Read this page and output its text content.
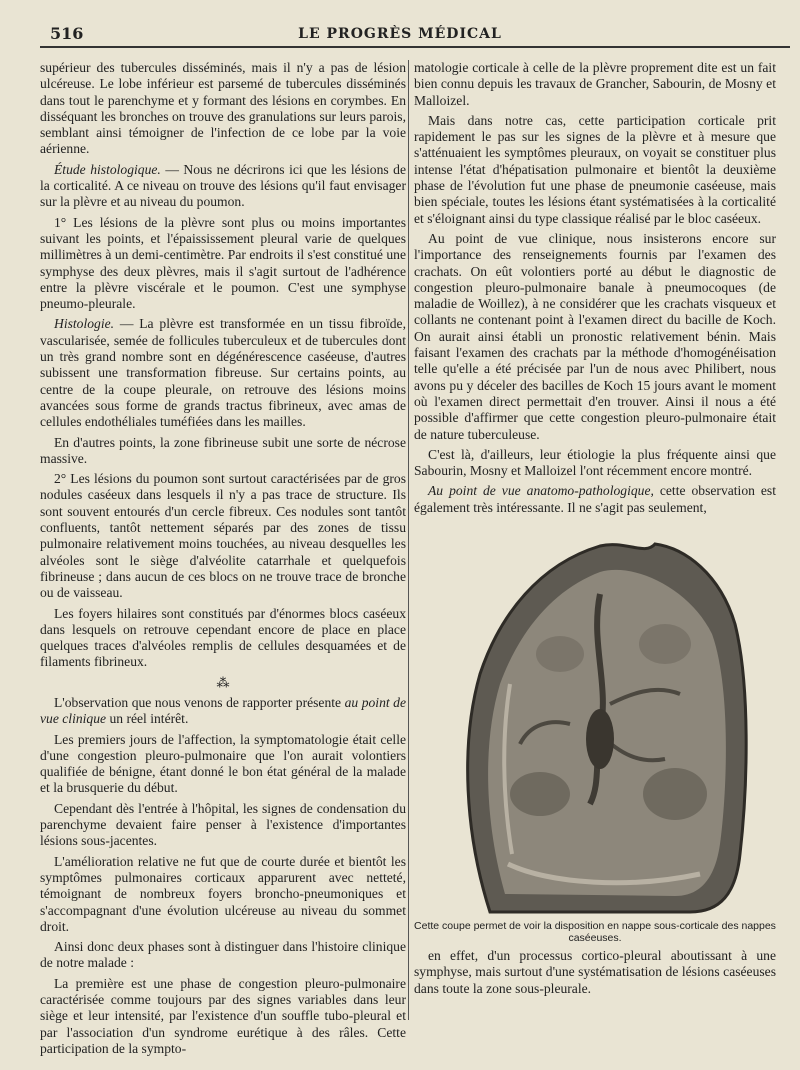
516	LE PROGRÈS MÉDICAL

supérieur des tubercules disséminés, mais il n'y a pas de lésion ulcéreuse. Le lobe inférieur est parsemé de tubercules disséminés dans tout le parenchyme et y formant des lésions en corymbes. En disséquant les bronches on trouve des granulations sur leurs parois, semblant ainsi témoigner de l'infection de ce lobe par la voie aérienne.

Étude histologique. — Nous ne décrirons ici que les lésions de la corticalité. A ce niveau on trouve des lésions qu'il faut envisager sur la plèvre et au niveau du poumon.

1° Les lésions de la plèvre sont plus ou moins importantes suivant les points, et l'épaississement pleural varie de quelques millimètres à un demi-centimètre. Par endroits il s'est constitué une symphyse des deux plèvres, mais il s'agit surtout de l'adhérence entre la plèvre viscérale et le poumon. C'est une symphyse pneumo-pleurale.

Histologie. — La plèvre est transformée en un tissu fibroïde, vascularisée, semée de follicules tuberculeux et de tubercules dont un très grand nombre sont en dégénérescence caséeuse, d'autres subissent une transformation fibreuse. Sur certains points, au centre de la coupe pleurale, on retrouve des lésions moins avancées sous forme de grands tractus fibrineux, avec amas de cellules endothéliales tuméfiées dans les mailles.

En d'autres points, la zone fibrineuse subit une sorte de nécrose massive.

2° Les lésions du poumon sont surtout caractérisées par de gros nodules caséeux dans lesquels il n'y a pas trace de structure. Ils sont souvent entourés d'un cercle fibreux. Ces nodules sont tantôt confluents, tantôt nettement séparés par des zones de tissu pulmonaire relativement moins touchées, au niveau desquelles les alvéoles sont le siège d'alvéolite catarrhale et quelquefois fibrineuse ; dans aucun de ces blocs on ne trouve trace de bronche ou de vaisseau.

Les foyers hilaires sont constitués par d'énormes blocs caséeux dans lesquels on retrouve cependant encore de place en place quelques traces d'alvéoles remplis de cellules desquamées et de filaments fibrineux.

⁂

L'observation que nous venons de rapporter présente au point de vue clinique un réel intérêt.

Les premiers jours de l'affection, la symptomatologie était celle d'une congestion pleuro-pulmonaire que l'on aurait volontiers qualifiée de bénigne, étant donné le bon état général de la malade et la brusquerie du début.

Cependant dès l'entrée à l'hôpital, les signes de condensation du parenchyme devaient faire penser à l'existence d'importantes lésions sous-jacentes.

L'amélioration relative ne fut que de courte durée et bientôt les symptômes pulmonaires corticaux apparurent avec netteté, témoignant de nombreux foyers broncho-pneumoniques et s'accompagnant d'une évolution ulcéreuse au niveau du sommet droit.

Ainsi donc deux phases sont à distinguer dans l'histoire clinique de notre malade :

La première est une phase de congestion pleuro-pulmonaire caractérisée comme toujours par des signes variables dans leur siège et leur intensité, par l'existence d'un souffle tubo-pleural et par l'association d'un syndrome eurétique à des râles. Cette participation de la sympto-

matologie corticale à celle de la plèvre proprement dite est un fait bien connu depuis les travaux de Grancher, Sabourin, de Mosny et Malloizel.

Mais dans notre cas, cette participation corticale prit rapidement le pas sur les signes de la plèvre et à mesure que s'atténuaient les symptômes pleuraux, on voyait se constituer plus intense l'état d'hépatisation pulmonaire et bientôt la deuxième phase de l'évolution fut une phase de pneumonie caséeuse, mais bien spéciale, toutes les lésions étant systématisées à la corticalité et s'éloignant ainsi du type classique réalisé par le bloc caséeux.

Au point de vue clinique, nous insisterons encore sur l'importance des renseignements fournis par l'examen des crachats. On eût volontiers porté au début le diagnostic de congestion pleuro-pulmonaire banale à pneumocoques (de maladie de Woillez), à ne considérer que les crachats visqueux et collants ne contenant point à l'examen direct du bacille de Koch. On aurait ainsi établi un pronostic relativement bénin. Mais faisant l'examen des crachats par la méthode d'homogénéisation telle qu'elle a été précisée par l'un de nous avec Philibert, nous avons pu y déceler des bacilles de Koch 15 jours avant le moment où l'examen direct permettait d'en trouver. Ainsi il nous a été possible d'affirmer que cette congestion pleuro-pulmonaire était de nature tuberculeuse.

C'est là, d'ailleurs, leur étiologie la plus fréquente ainsi que Sabourin, Mosny et Malloizel l'ont récemment encore montré.

Au point de vue anatomo-pathologique, cette observation est également très intéressante. Il ne s'agit pas seulement,

Cette coupe permet de voir la disposition en nappe sous-corticale des nappes caséeuses.

en effet, d'un processus cortico-pleural aboutissant à une symphyse, mais surtout d'une systématisation de lésions caséeuses dans toute la zone sous-pleurale.
